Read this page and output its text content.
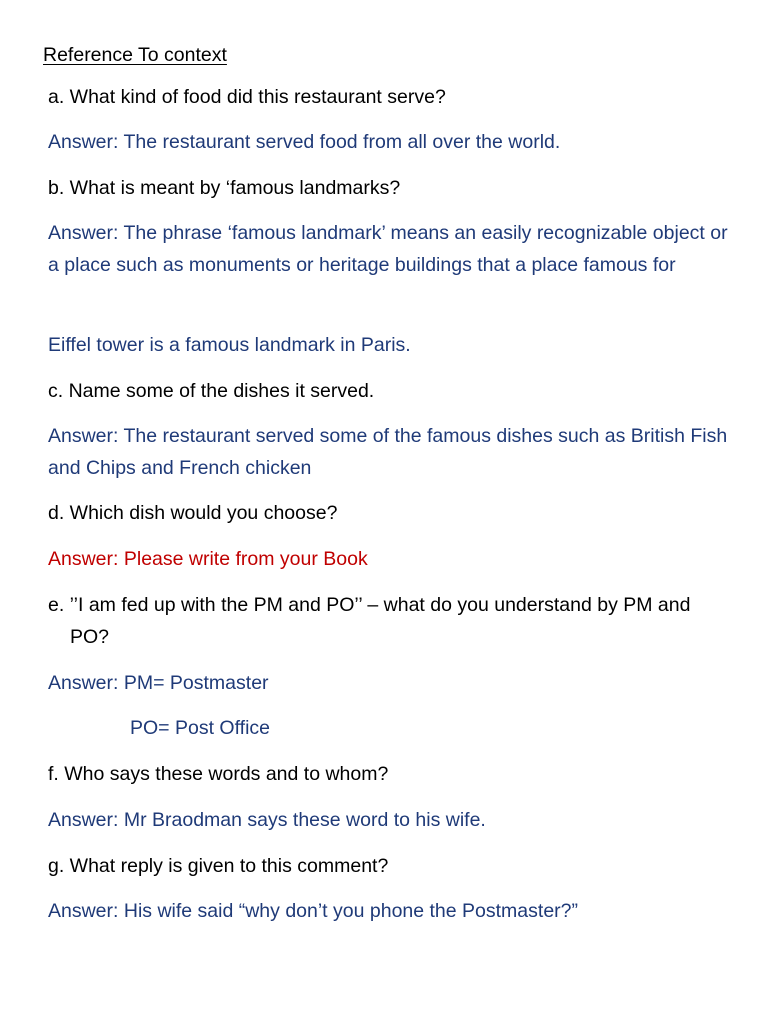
Reference To context
a. What kind of food did this restaurant serve?
Answer: The restaurant served food from all over the world.
b. What is meant by ‘famous landmarks?
Answer: The phrase ‘famous landmark’ means an easily recognizable object or a place such as monuments or heritage buildings that a place famous for
Eiffel tower is a famous landmark in Paris.
c. Name some of the dishes it served.
Answer: The restaurant served some of the famous dishes such as British Fish and Chips and French chicken
d. Which dish would you choose?
Answer: Please write from your Book
e. ’’I am fed up with the PM and PO’’ – what do you understand by PM and PO?
Answer: PM= Postmaster
PO= Post Office
f. Who says these words and to whom?
Answer: Mr Braodman says these word to his wife.
g. What reply is given to this comment?
Answer: His wife said “why don’t you phone the Postmaster?”
